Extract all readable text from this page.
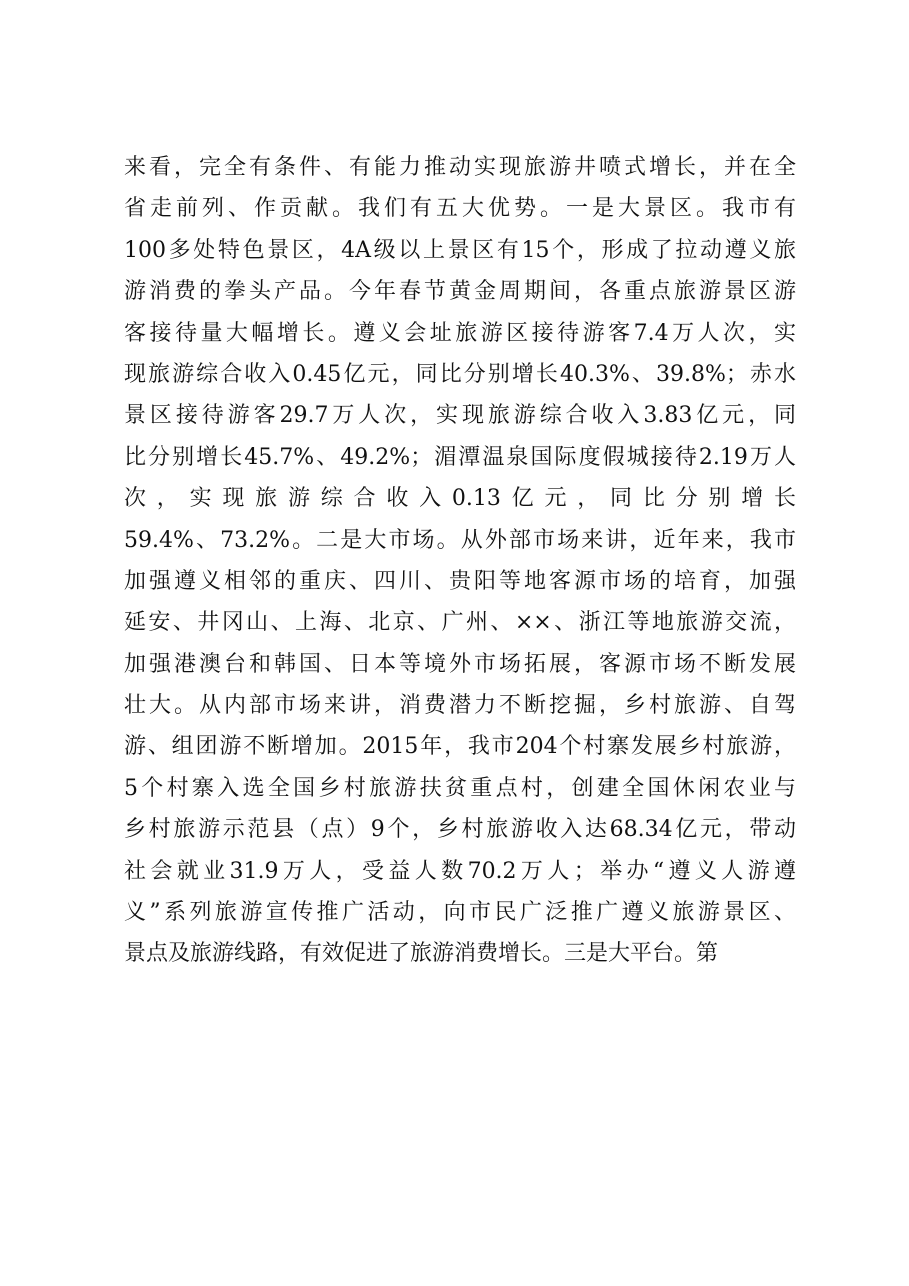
来看，完全有条件、有能力推动实现旅游井喷式增长，并在全
省走前列、作贡献。我们有五大优势。一是大景区。我市有
100多处特色景区，4A级以上景区有15个，形成了拉动遵义旅
游消费的拳头产品。今年春节黄金周期间，各重点旅游景区游
客接待量大幅增长。遵义会址旅游区接待游客7.4万人次，实
现旅游综合收入0.45亿元，同比分别增长40.3%、39.8%；赤水
景区接待游客29.7万人次，实现旅游综合收入3.83亿元，同
比分别增长45.7%、49.2%；湄潭温泉国际度假城接待2.19万人
次，实现旅游综合收入0.13亿元，同比分别增长
59.4%、73.2%。二是大市场。从外部市场来讲，近年来，我市
加强遵义相邻的重庆、四川、贵阳等地客源市场的培育，加强
延安、井冈山、上海、北京、广州、××、浙江等地旅游交流，
加强港澳台和韩国、日本等境外市场拓展，客源市场不断发展
壮大。从内部市场来讲，消费潜力不断挖掘，乡村旅游、自驾
游、组团游不断增加。2015年，我市204个村寨发展乡村旅游，
5个村寨入选全国乡村旅游扶贫重点村，创建全国休闲农业与
乡村旅游示范县（点）9个，乡村旅游收入达68.34亿元，带动
社会就业31.9万人，受益人数70.2万人；举办“遵义人游遵
义”系列旅游宣传推广活动，向市民广泛推广遵义旅游景区、
景点及旅游线路，有效促进了旅游消费增长。三是大平台。第
